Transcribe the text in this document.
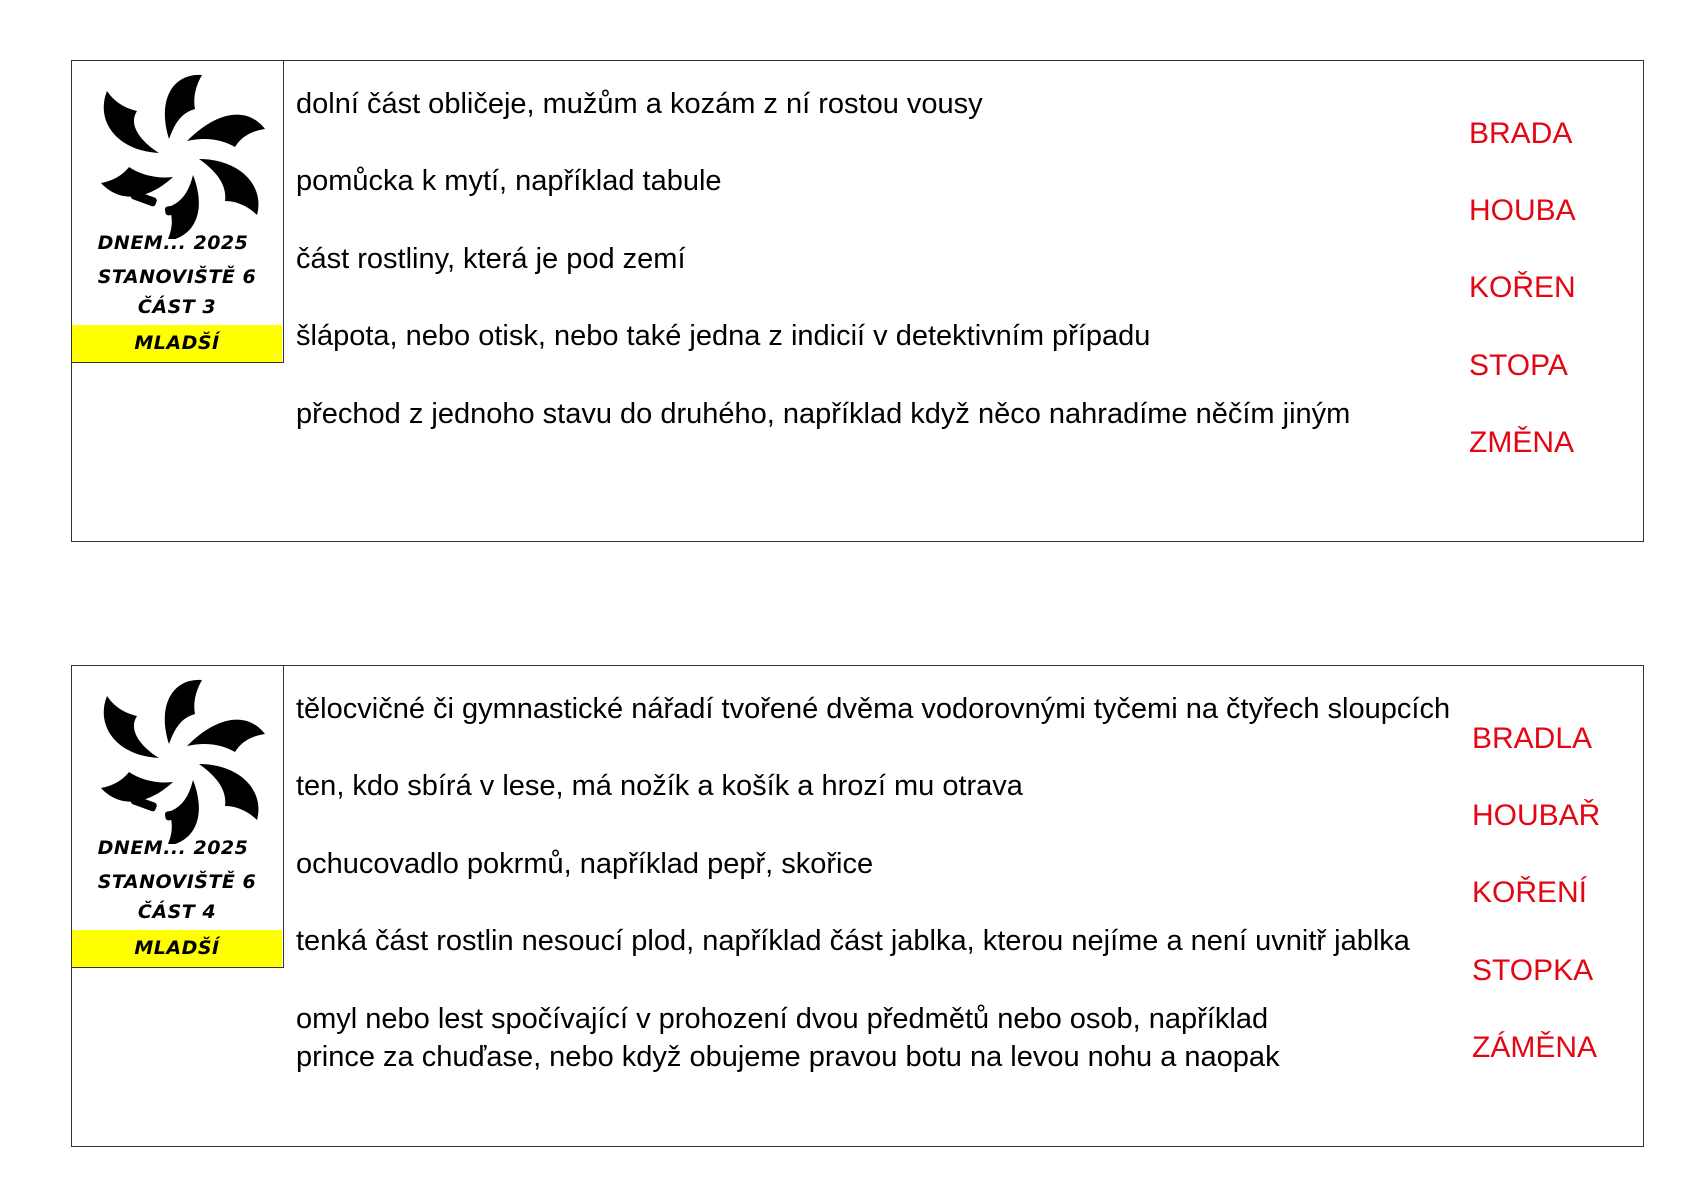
DNEM... 2025
STANOVIŠTĚ 6
ČÁST 3
MLADŠÍ
dolní část obličeje, mužům a kozám z ní rostou vousy
pomůcka k mytí, například tabule
část rostliny, která je pod zemí
šlápota, nebo otisk, nebo také jedna z indicií v detektivním případu
přechod z jednoho stavu do druhého, například když něco nahradíme něčím jiným
BRADA
HOUBA
KOŘEN
STOPA
ZMĚNA
DNEM... 2025
STANOVIŠTĚ 6
ČÁST 4
MLADŠÍ
tělocvičné či gymnastické nářadí tvořené dvěma vodorovnými tyčemi na čtyřech sloupcích
ten, kdo sbírá v lese, má nožík a košík a hrozí mu otrava
ochucovadlo pokrmů, například pepř, skořice
tenká část rostlin nesoucí plod, například část jablka, kterou nejíme a není uvnitř jablka
omyl nebo lest spočívající v prohození dvou předmětů nebo osob, například
prince za chuďase, nebo když obujeme pravou botu na levou nohu a naopak
BRADLA
HOUBAŘ
KOŘENÍ
STOPKA
ZÁMĚNA
